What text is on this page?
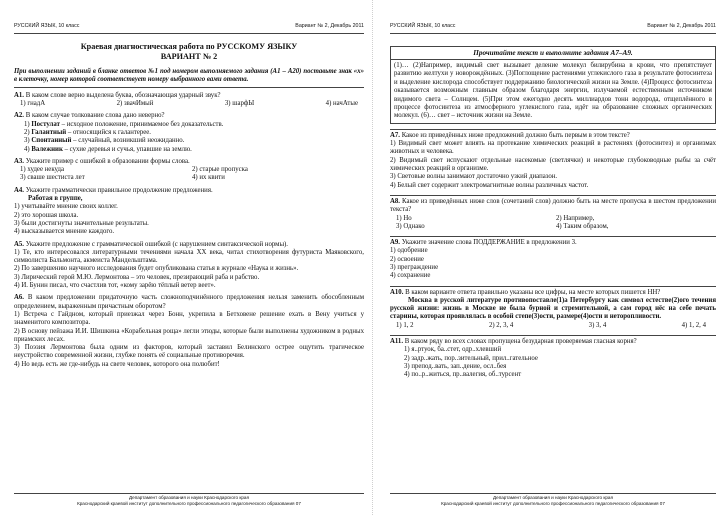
РУССКИЙ ЯЗЫК, 10 класс	Вариант № 2, Декабрь 2011
Краевая диагностическая работа по РУССКОМУ ЯЗЫКУ
ВАРИАНТ № 2
При выполнении заданий в бланке ответов №1 под номером выполняемого задания (А1 – А20) поставьте знак «х» в клеточку, номер которой соответствует номеру выбранного вами ответа.
А1. В каком слове верно выделена буква, обозначающая ударный звук?
1) гнадА	2) звачИмый	3) шарфЫ	4) начАтые
А2. В каком случае толкование слова дано неверно?
1) Постулат – исходное положение, принимаемое без доказательств.
2) Галантный – относящийся к галантерее.
3) Спонтанный – случайный, возникший неожиданно.
4) Валежник – сухие деревья и сучья, упавшие на землю.
А3. Укажите пример с ошибкой в образовании формы слова.
1) худее некуда	2) старые пропуска
3) сваше шестиста лет	4) их квити
А4. Укажите грамматически правильное продолжение предложения.
Работая в группе,
1) учитывайте мнение своих коллег.
2) это хорошая школа.
3) были достигнуты значительные результаты.
4) высказывается мнение каждого.
А5. Укажите предложение с грамматической ошибкой (с нарушением синтаксической нормы).
1) Те, кто интересовался литературными течениями начала XX века, читал стихотворения футуриста Маяковского, символиста Бальмонта, акмеиста Мандельштама.
2) По завершению научного исследования будет опубликована статья в журнале «Наука и жизнь».
3) Лирический герой М.Ю. Лермонтова – это человек, презирающий раба и рабство.
4) И. Бунин писал, что счастлив тот, «кому зарёю тёплый ветер веет».
А6. В каком предложении придаточную часть сложноподчинённого предложения нельзя заменить обособленным определением, выраженным причастным оборотом?
1) Встреча с Гайдном, который приезжал через Бонн, укрепила в Бетховене решение ехать в Вену учиться у знаменитого композитора.
2) В основу пейзажа И.И. Шишкина «Корабельная роща» легли этюды, которые были выполнены художником в родных приамских лесах.
3) Поэзия Лермонтова была одним из факторов, который заставил Белинского острее ощутить трагическое неустройство современной жизни, глубже понять её социальные противоречия.
4) Но ведь есть же где-нибудь на свете человек, которого она полюбит!
Департамент образования и науки Краснодарского края
Краснодарский краевой институт дополнительного профессионального педагогического образования 07
РУССКИЙ ЯЗЫК, 10 класс	Вариант № 2, Декабрь 2011
Прочитайте текст и выполните задания А7–А9.
(1)… (2)Например, видимый свет вызывает деление молекул билирубина в крови, что препятствует развитию желтухи у новорождённых. (3)Поглощение растениями углекислого газа в результате фотосинтеза и выделение кислорода способствует поддержанию биологической жизни на Земле. (4)Процесс фотосинтеза оказывается возможным главным образом благодаря энергии, излучаемой естественным источником видимого света – Солнцем. (5)При этом ежегодно десять миллиардов тонн водорода, отщеплённого в процессе фотосинтеза из атмосферного углекислого газа, идёт на образование сложных органических молекул. (6)… свет – источник жизни на Земле.
А7. Какое из приведённых ниже предложений должно быть первым в этом тексте?
1) Видимый свет может влиять на протекание химических реакций в растениях (фотосинтез) и организмах животных и человека.
2) Видимый свет испускают отдельные насекомые (светлячки) и некоторые глубоководные рыбы за счёт химических реакций в организме.
3) Световые волны занимают достаточно узкий диапазон.
4) Белый свет содержит электромагнитные волны различных частот.
А8. Какое из приведённых ниже слов (сочетаний слов) должно быть на месте пропуска в шестом предложении текста?
1) Но	2) Например,
3) Однако	4) Таким образом,
А9. Укажите значение слова ПОДДЕРЖАНИЕ в предложении 3.
1) одобрение
2) освоение
3) преграждение
4) сохранение
А10. В каком варианте ответа правильно указаны все цифры, на месте которых пишется НН?
Москва в русской литературе противопоставле(1)а Петербургу как символ естестве(2)ого течения русской жизни: жизнь в Москве не была бурной и стремительной, а сам город нёс на себе печать старины, которая проявлялась в особой степе(3)ости, размере(4)ости и неторопливости.
1) 1, 2	2) 2, 3, 4	3) 3, 4	4) 1, 2, 4
А11. В каком ряду во всех словах пропущена безударная проверяемая гласная корня?
1) я..ртуок, ба..стет, одр..хлевший
2) задр..жать, пор..зительный, прил..гательное
3) препод..вать, зап..дение, осл..бея
4) по..р..житься, пр..валегия, об..турсент
Департамент образования и науки Краснодарского края
Краснодарский краевой институт дополнительного профессионального педагогического образования 07
